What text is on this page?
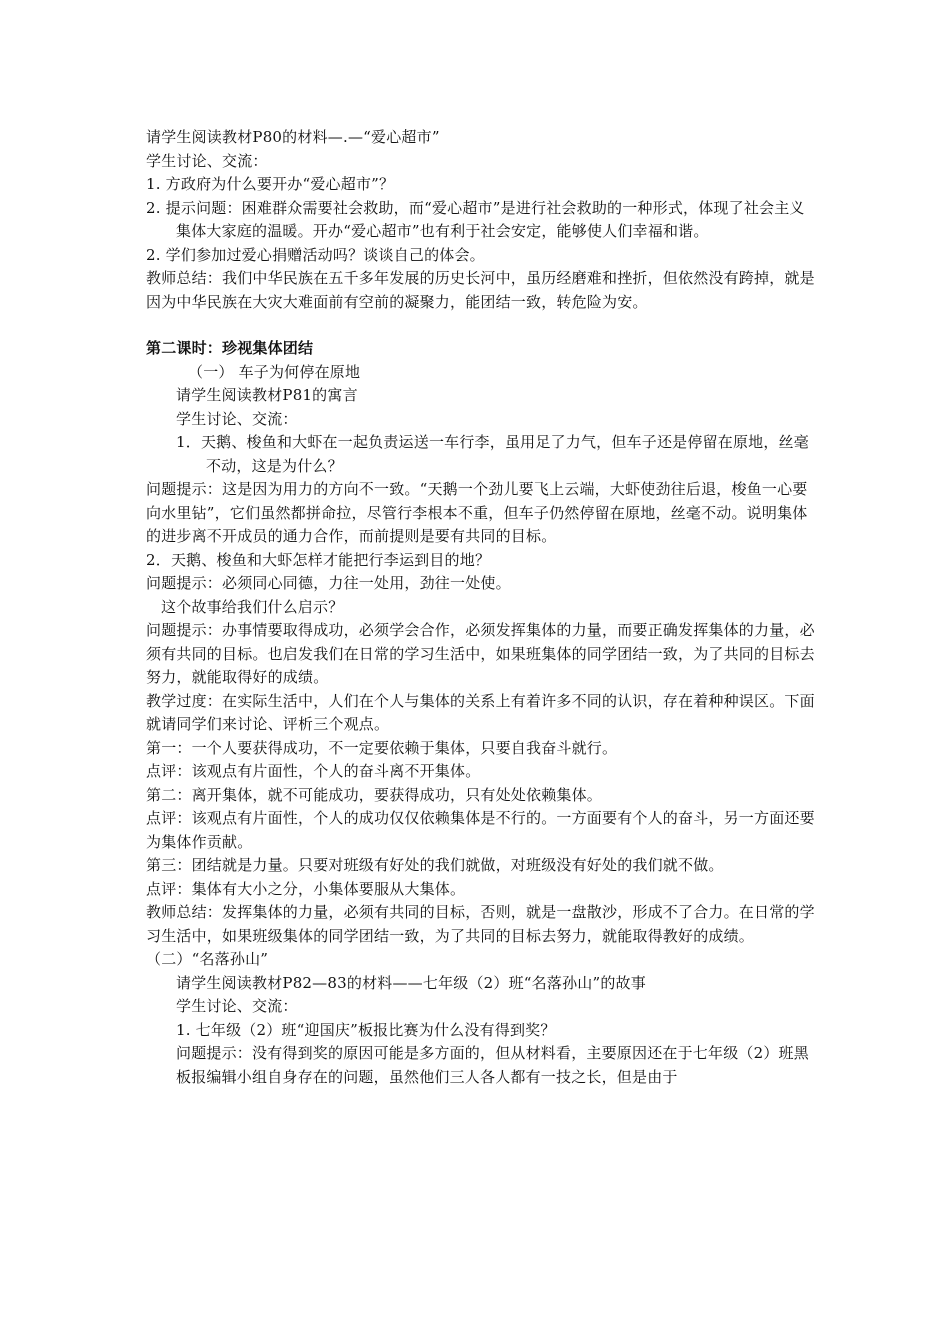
请学生阅读教材P80的材料—.—“爱心超市”

学生讨论、交流：

1. 方政府为什么要开办“爱心超市”？

2. 提示问题：困难群众需要社会救助，而“爱心超市”是进行社会救助的一种形式，体现了社会主义集体大家庭的温暖。开办“爱心超市”也有利于社会安定，能够使人们幸福和谐。

2. 学们参加过爱心捐赠活动吗？谈谈自己的体会。

教师总结：我们中华民族在五千多年发展的历史长河中，虽历经磨难和挫折，但依然没有跨掉，就是因为中华民族在大灾大难面前有空前的凝聚力，能团结一致，转危险为安。

第二课时：珍视集体团结

（一） 车子为何停在原地

请学生阅读教材P81的寓言

学生讨论、交流：

1．天鹅、梭鱼和大虾在一起负责运送一车行李，虽用足了力气，但车子还是停留在原地，丝毫不动，这是为什么？

问题提示：这是因为用力的方向不一致。“天鹅一个劲儿要飞上云端，大虾使劲往后退，梭鱼一心要向水里钻”，它们虽然都拼命拉，尽管行李根本不重，但车子仍然停留在原地，丝毫不动。说明集体的进步离不开成员的通力合作，而前提则是要有共同的目标。

2．天鹅、梭鱼和大虾怎样才能把行李运到目的地？

问题提示：必须同心同德，力往一处用，劲往一处使。

这个故事给我们什么启示？

问题提示：办事情要取得成功，必须学会合作，必须发挥集体的力量，而要正确发挥集体的力量，必须有共同的目标。也启发我们在日常的学习生活中，如果班集体的同学团结一致，为了共同的目标去努力，就能取得好的成绩。

教学过度：在实际生活中，人们在个人与集体的关系上有着许多不同的认识，存在着种种误区。下面就请同学们来讨论、评析三个观点。

第一：一个人要获得成功，不一定要依赖于集体，只要自我奋斗就行。

点评：该观点有片面性，个人的奋斗离不开集体。

第二：离开集体，就不可能成功，要获得成功，只有处处依赖集体。

点评：该观点有片面性，个人的成功仅仅依赖集体是不行的。一方面要有个人的奋斗，另一方面还要为集体作贡献。

第三：团结就是力量。只要对班级有好处的我们就做，对班级没有好处的我们就不做。

点评：集体有大小之分，小集体要服从大集体。

教师总结：发挥集体的力量，必须有共同的目标，否则，就是一盘散沙，形成不了合力。在日常的学习生活中，如果班级集体的同学团结一致，为了共同的目标去努力，就能取得教好的成绩。

（二）“名落孙山”

请学生阅读教材P82—83的材料——七年级（2）班“名落孙山”的故事

学生讨论、交流：

1. 七年级（2）班“迎国庆”板报比赛为什么没有得到奖？

问题提示：没有得到奖的原因可能是多方面的，但从材料看，主要原因还在于七年级（2）班黑板报编辑小组自身存在的问题，虽然他们三人各人都有一技之长，但是由于
